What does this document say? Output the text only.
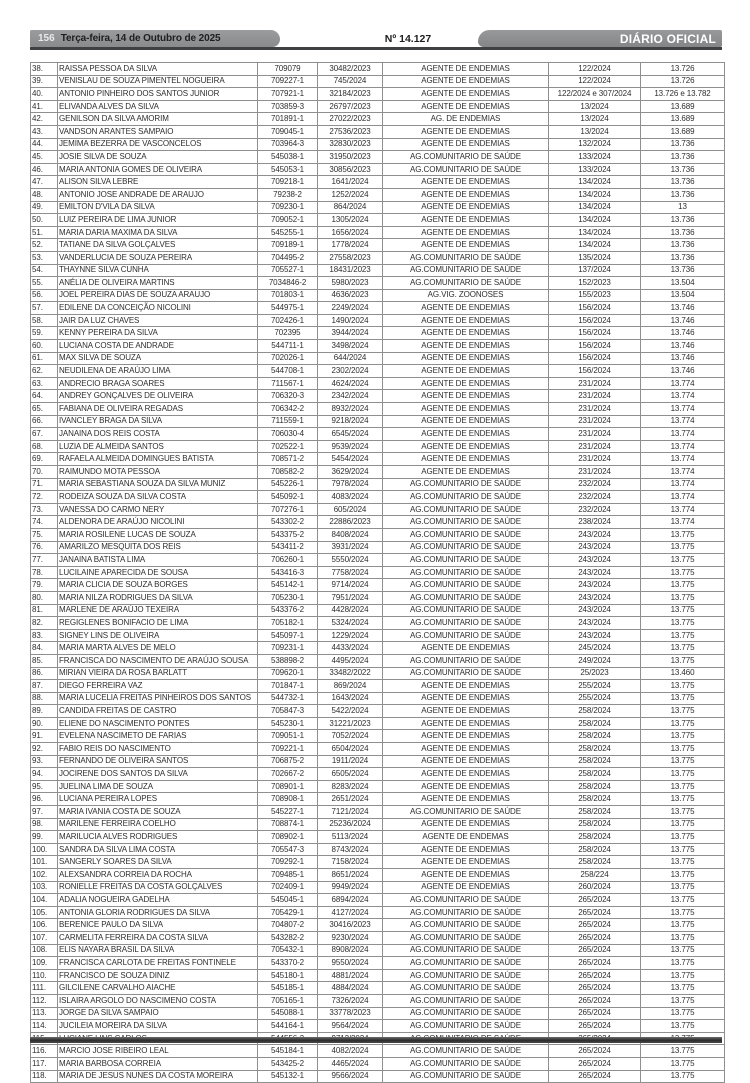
156 Terça-feira, 14 de Outubro de 2025	Nº 14.127	DIÁRIO OFICIAL
38.	RAISSA PESSOA DA SILVA	709079	30482/2023	AGENTE DE ENDEMIAS	122/2024	13.726
39.	VENISLAU DE SOUZA PIMENTEL NOGUEIRA	709227-1	745/2024	AGENTE DE ENDEMIAS	122/2024	13.726
40.	ANTONIO PINHEIRO DOS SANTOS JUNIOR	707921-1	32184/2023	AGENTE DE ENDEMIAS	122/2024 e 307/2024	13.726 e 13.782
41.	ELIVANDA ALVES DA SILVA	703859-3	26797/2023	AGENTE DE ENDEMIAS	13/2024	13.689
42.	GENILSON DA SILVA AMORIM	701891-1	27022/2023	AG. DE ENDEMIAS	13/2024	13.689
43.	VANDSON ARANTES SAMPAIO	709045-1	27536/2023	AGENTE DE ENDEMIAS	13/2024	13.689
44.	JEMIMA BEZERRA DE VASCONCELOS	703964-3	32830/2023	AGENTE DE ENDEMIAS	132/2024	13.736
45.	JOSIE SILVA DE SOUZA	545038-1	31950/2023	AG.COMUNITARIO DE SAÚDE	133/2024	13.736
46.	MARIA ANTONIA GOMES DE OLIVEIRA	545053-1	30856/2023	AG.COMUNITARIO DE SAÚDE	133/2024	13.736
47.	ALISON SILVA LEBRE	709218-1	1641/2024	AGENTE DE ENDEMIAS	134/2024	13.736
48.	ANTONIO JOSE ANDRADE DE ARAUJO	79238-2	1252/2024	AGENTE DE ENDEMIAS	134/2024	13.736
49.	EMILTON D'VILA DA SILVA	709230-1	864/2024	AGENTE DE ENDEMIAS	134/2024	13
50.	LUIZ PEREIRA DE LIMA JUNIOR	709052-1	1305/2024	AGENTE DE ENDEMIAS	134/2024	13.736
51.	MARIA DARIA MAXIMA DA SILVA	545255-1	1656/2024	AGENTE DE ENDEMIAS	134/2024	13.736
52.	TATIANE DA SILVA GOLÇALVES	709189-1	1778/2024	AGENTE DE ENDEMIAS	134/2024	13.736
53.	VANDERLUCIA DE SOUZA PEREIRA	704495-2	27558/2023	AG.COMUNITARIO DE SAÚDE	135/2024	13.736
54.	THAYNNE SILVA CUNHA	705527-1	18431/2023	AG.COMUNITARIO DE SAÚDE	137/2024	13.736
55.	ANÉLIA DE OLIVEIRA MARTINS	7034846-2	5980/2023	AG.COMUNITARIO DE SAÚDE	152/2023	13.504
56.	JOEL PEREIRA DIAS DE SOUZA ARAUJO	701803-1	4636/2023	AG.VIG. ZOONOSES	155/2023	13.504
57.	EDILENE DA CONCEIÇÃO NICOLINI	544975-1	2249/2024	AGENTE DE ENDEMIAS	156/2024	13.746
58.	JAIR DA LUZ CHAVES	702426-1	1490/2024	AGENTE DE ENDEMIAS	156/2024	13.746
59.	KENNY PEREIRA DA SILVA	702395	3944/2024	AGENTE DE ENDEMIAS	156/2024	13.746
60.	LUCIANA COSTA DE ANDRADE	544711-1	3498/2024	AGENTE DE ENDEMIAS	156/2024	13.746
61.	MAX SILVA DE SOUZA	702026-1	644/2024	AGENTE DE ENDEMIAS	156/2024	13.746
62.	NEUDILENA DE ARAÚJO LIMA	544708-1	2302/2024	AGENTE DE ENDEMIAS	156/2024	13.746
63.	ANDRECIO BRAGA SOARES	711567-1	4624/2024	AGENTE DE ENDEMIAS	231/2024	13.774
64.	ANDREY GONÇALVES DE OLIVEIRA	706320-3	2342/2024	AGENTE DE ENDEMIAS	231/2024	13.774
65.	FABIANA DE OLIVEIRA REGADAS	706342-2	8932/2024	AGENTE DE ENDEMIAS	231/2024	13.774
66.	IVANCLEY BRAGA DA SILVA	711559-1	9218/2024	AGENTE DE ENDEMIAS	231/2024	13.774
67.	JANAINA DOS REIS COSTA	706030-4	6545/2024	AGENTE DE ENDEMIAS	231/2024	13.774
68.	LUZIA DE ALMEIDA SANTOS	702522-1	9539/2024	AGENTE DE ENDEMIAS	231/2024	13.774
69.	RAFAELA ALMEIDA DOMINGUES BATISTA	708571-2	5454/2024	AGENTE DE ENDEMIAS	231/2024	13.774
70.	RAIMUNDO MOTA PESSOA	708582-2	3629/2024	AGENTE DE ENDEMIAS	231/2024	13.774
71.	MARIA SEBASTIANA SOUZA DA SILVA MUNIZ	545226-1	7978/2024	AG.COMUNITARIO DE SAÚDE	232/2024	13.774
72.	RODEIZA SOUZA DA SILVA COSTA	545092-1	4083/2024	AG.COMUNITARIO DE SAÚDE	232/2024	13.774
73.	VANESSA DO CARMO NERY	707276-1	605/2024	AG.COMUNITARIO DE SAÚDE	232/2024	13.774
74.	ALDENORA DE ARAÚJO NICOLINI	543302-2	22886/2023	AG.COMUNITARIO DE SAÚDE	238/2024	13.774
75.	MARIA ROSILENE LUCAS DE SOUZA	543375-2	8408/2024	AG.COMUNITARIO DE SAÚDE	243/2024	13.775
76.	AMARILZO MESQUITA DOS REIS	543411-2	3931/2024	AG.COMUNITARIO DE SAÚDE	243/2024	13.775
77.	JANAINA BATISTA LIMA	706260-1	5550/2024	AG.COMUNITARIO DE SAÚDE	243/2024	13.775
78.	LUCILAINE APARECIDA DE SOUSA	543416-3	7758/2024	AG.COMUNITARIO DE SAÚDE	243/2024	13.775
79.	MARIA CLICIA DE SOUZA BORGES	545142-1	9714/2024	AG.COMUNITARIO DE SAÚDE	243/2024	13.775
80.	MARIA NILZA RODRIGUES DA SILVA	705230-1	7951/2024	AG.COMUNITARIO DE SAÚDE	243/2024	13.775
81.	MARLENE DE ARAÚJO TEXEIRA	543376-2	4428/2024	AG.COMUNITARIO DE SAÚDE	243/2024	13.775
82.	REGIGLENES BONIFACIO DE LIMA	705182-1	5324/2024	AG.COMUNITARIO DE SAÚDE	243/2024	13.775
83.	SIGNEY LINS DE OLIVEIRA	545097-1	1229/2024	AG.COMUNITARIO DE SAÚDE	243/2024	13.775
84.	MARIA MARTA ALVES DE MELO	709231-1	4433/2024	AGENTE DE ENDEMIAS	245/2024	13.775
85.	FRANCISCA DO NASCIMENTO DE ARAÚJO SOUSA	538898-2	4495/2024	AG.COMUNITARIO DE SAÚDE	249/2024	13.775
86.	MIRIAN VIEIRA DA ROSA BARLATT	709620-1	33482/2022	AG.COMUNITARIO DE SAÚDE	25/2023	13.460
87.	DIEGO FERREIRA VAZ	701847-1	869/2024	AGENTE DE ENDEMIAS	255/2024	13.775
88.	MARIA LUCELIA FREITAS PINHEIROS DOS SANTOS	544732-1	1643/2024	AGENTE DE ENDEMIAS	255/2024	13.775
89.	CANDIDA FREITAS DE CASTRO	705847-3	5422/2024	AGENTE DE ENDEMIAS	258/2024	13.775
90.	ELIENE DO NASCIMENTO PONTES	545230-1	31221/2023	AGENTE DE ENDEMIAS	258/2024	13.775
91.	EVELENA NASCIMETO DE FARIAS	709051-1	7052/2024	AGENTE DE ENDEMIAS	258/2024	13.775
92.	FABIO REIS DO NASCIMENTO	709221-1	6504/2024	AGENTE DE ENDEMIAS	258/2024	13.775
93.	FERNANDO DE OLIVEIRA SANTOS	706875-2	1911/2024	AGENTE DE ENDEMIAS	258/2024	13.775
94.	JOCIRENE DOS SANTOS DA SILVA	702667-2	6505/2024	AGENTE DE ENDEMIAS	258/2024	13.775
95.	JUELINA LIMA DE SOUZA	708901-1	8283/2024	AGENTE DE ENDEMIAS	258/2024	13.775
96.	LUCIANA PEREIRA LOPES	708908-1	2651/2024	AGENTE DE ENDEMIAS	258/2024	13.775
97.	MARIA IVANIA COSTA DE SOUZA	545227-1	7121/2024	AG.COMUNITARIO DE SAÚDE	258/2024	13.775
98.	MARILENE FERREIRA COELHO	708874-1	25236/2024	AGENTE DE ENDEMIAS	258/2024	13.775
99.	MARILUCIA ALVES RODRIGUES	708902-1	5113/2024	AGENTE DE ENDEMAS	258/2024	13.775
100.	SANDRA DA SILVA LIMA COSTA	705547-3	8743/2024	AGENTE DE ENDEMIAS	258/2024	13.775
101.	SANGERLY SOARES DA SILVA	709292-1	7158/2024	AGENTE DE ENDEMIAS	258/2024	13.775
102.	ALEXSANDRA CORREIA DA ROCHA	709485-1	8651/2024	AGENTE DE ENDEMIAS	258/224	13.775
103.	RONIELLE FREITAS DA COSTA GOLÇALVES	702409-1	9949/2024	AGENTE DE ENDEMIAS	260/2024	13.775
104.	ADALIA NOGUEIRA GADELHA	545045-1	6894/2024	AG.COMUNITARIO DE SAÚDE	265/2024	13.775
105.	ANTONIA GLORIA RODRIGUES DA SILVA	705429-1	4127/2024	AG.COMUNITARIO DE SAÚDE	265/2024	13.775
106.	BERENICE PAULO DA SILVA	704807-2	30416/2023	AG.COMUNITARIO DE SAÚDE	265/2024	13.775
107.	CARMELITA FERREIRA DA COSTA SILVA	543282-2	9230/2024	AG.COMUNITARIO DE SAÚDE	265/2024	13.775
108.	ELIS NAYARA BRASIL DA SILVA	705432-1	8908/2024	AG.COMUNITARIO DE SAÚDE	265/2024	13.775
109.	FRANCISCA CARLOTA DE FREITAS FONTINELE	543370-2	9550/2024	AG.COMUNITARIO DE SAÚDE	265/2024	13.775
110.	FRANCISCO DE SOUZA DINIZ	545180-1	4881/2024	AG.COMUNITARIO DE SAÚDE	265/2024	13.775
111.	GILCILENE CARVALHO AIACHE	545185-1	4884/2024	AG.COMUNITARIO DE SAÚDE	265/2024	13.775
112.	ISLAIRA ARGOLO DO NASCIMENO COSTA	705165-1	7326/2024	AG.COMUNITARIO DE SAÚDE	265/2024	13.775
113.	JORGE DA SILVA SAMPAIO	545088-1	33778/2023	AG.COMUNITARIO DE SAÚDE	265/2024	13.775
114.	JUCILEIA MOREIRA DA SILVA	544164-1	9564/2024	AG.COMUNITARIO DE SAÚDE	265/2024	13.775

116.	MARCIO JOSE RIBEIRO LEAL	545184-1	4082/2024	AG.COMUNITARIO DE SAÚDE	265/2024	13.775
117.	MARIA BARBOSA CORREIA	543425-2	4465/2024	AG.COMUNITARIO DE SAÚDE	265/2024	13.775
118.	MARIA DE JESUS NUNES DA COSTA MOREIRA	545132-1	9566/2024	AG.COMUNITARIO DE SAÚDE	265/2024	13.775
